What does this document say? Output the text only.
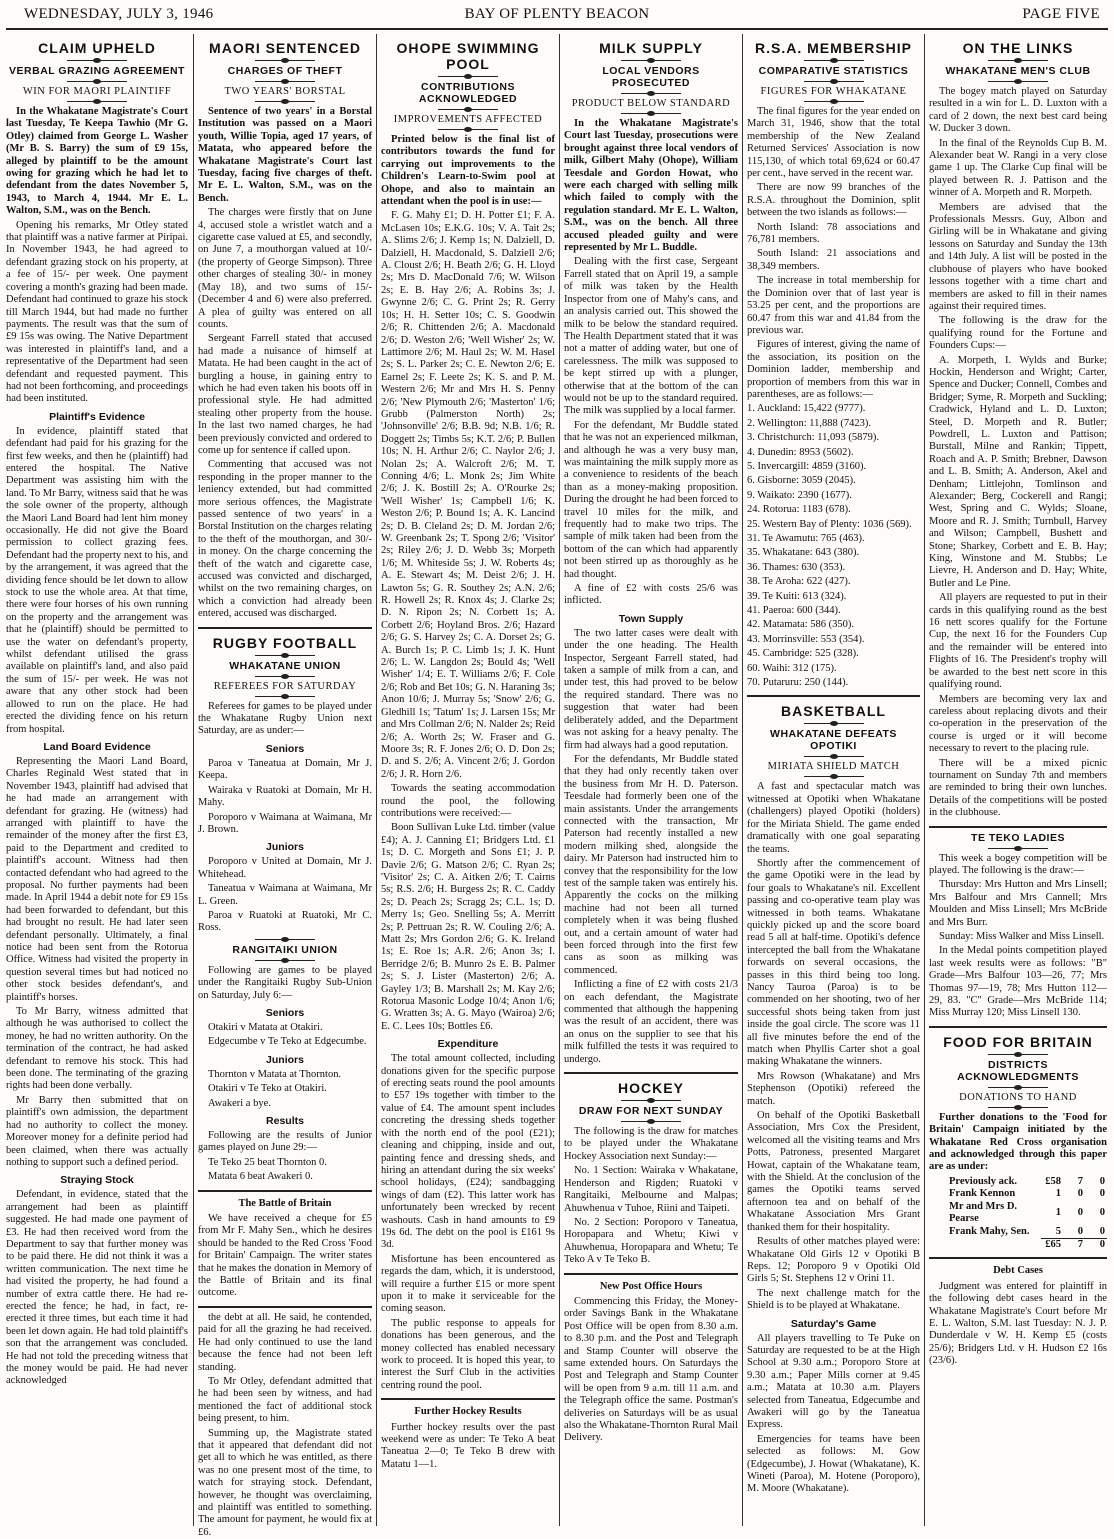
WEDNESDAY, JULY 3, 1946	BAY OF PLENTY BEACON	PAGE FIVE
CLAIM UPHELD
VERBAL GRAZING AGREEMENT
WIN FOR MAORI PLAINTIFF

In the Whakatane Magistrate's Court last Tuesday, Te Keepa Tawhio (Mr G. Otley) claimed from George L. Washer (Mr B. S. Barry) the sum of £9 15s, alleged by plaintiff to be the amount owing for grazing which he had let to defendant from the dates November 5, 1943, to March 4, 1944. Mr E. L. Walton, S.M., was on the Bench.

Opening his remarks, Mr Otley stated that plaintiff was a native farmer at Piripai. In November 1943, he had agreed to defendant grazing stock on his property, at a fee of 15/- per week. One payment covering a month's grazing had been made. Defendant had continued to graze his stock till March 1944, but had made no further payments. The result was that the sum of £9 15s was owing. The Native Department was interested in plaintiff's land, and a representative of the Department had seen defendant and requested payment. This had not been forthcoming, and proceedings had been instituted.

Plaintiff's Evidence

In evidence, plaintiff stated that defendant had paid for his grazing for the first few weeks, and then he (plaintiff) had entered the hospital. The Native Department was assisting him with the land. To Mr Barry, witness said that he was the sole owner of the property, although the Maori Land Board had lent him money occasionally. He did not give the Board permission to collect grazing fees. Defendant had the property next to his, and by the arrangement, it was agreed that the dividing fence should be let down to allow stock to use the whole area. At that time, there were four horses of his own running on the property and the arrangement was that he (plaintiff) should be permitted to use the water on defendant's property, whilst defendant utilised the grass available on plaintiff's land, and also paid the sum of 15/- per week. He was not aware that any other stock had been allowed to run on the place. He had erected the dividing fence on his return from hospital.

Land Board Evidence

Representing the Maori Land Board, Charles Reginald West stated that in November 1943, plaintiff had advised that he had made an arrangement with defendant for grazing. He (witness) had arranged with plaintiff to have the remainder of the money after the first £3, paid to the Department and credited to plaintiff's account. Witness had then contacted defendant who had agreed to the proposal. No further payments had been made. In April 1944 a debit note for £9 15s had been forwarded to defendant, but this had brought no result. He had later seen defendant personally. Ultimately, a final notice had been sent from the Rotorua Office. Witness had visited the property in question several times but had noticed no other stock besides defendant's, and plaintiff's horses.

To Mr Barry, witness admitted that although he was authorised to collect the money, he had no written authority. On the termination of the contract, he had asked defendant to remove his stock. This had been done. The terminating of the grazing rights had been done verbally.

Mr Barry then submitted that on plaintiff's own admission, the department had no authority to collect the money. Moreover money for a definite period had been claimed, when there was actually nothing to support such a defined period.

Straying Stock

Defendant, in evidence, stated that the arrangement had been as plaintiff suggested. He had made one payment of £3. He had then received word from the Department to say that further money was to be paid there. He did not think it was a written communication. The next time he had visited the property, he had found a number of extra cattle there. He had re-erected the fence; he had, in fact, re-erected it three times, but each time it had been let down again. He had told plaintiff's son that the arrangement was concluded. He had not told the preceding witness that the money would be paid. He had never acknowledged

MAORI SENTENCED
CHARGES OF THEFT
TWO YEARS' BORSTAL

Sentence of two years' in a Borstal Institution was passed on a Maori youth, Willie Topia, aged 17 years, of Matata, who appeared before the Whakatane Magistrate's Court last Tuesday, facing five charges of theft. Mr E. L. Walton, S.M., was on the Bench.

The charges were firstly that on June 4, accused stole a wristlet watch and a cigarette case valued at £5, and secondly, on June 7, a mouthorgan valued at 10/- (the property of George Simpson). Three other charges of stealing 30/- in money (May 18), and two sums of 15/- (December 4 and 6) were also preferred. A plea of guilty was entered on all counts.

Sergeant Farrell stated that accused had made a nuisance of himself at Matata. He had been caught in the act of burgling a house, in gaining entry to which he had even taken his boots off in professional style. He had admitted stealing other property from the house. In the last two named charges, he had been previously convicted and ordered to come up for sentence if called upon.

Commenting that accused was not responding in the proper manner to the leniency extended, but had committed more serious offences, the Magistrate passed sentence of two years' in a Borstal Institution on the charges relating to the theft of the mouthorgan, and 30/- in money. On the charge concerning the theft of the watch and cigarette case, accused was convicted and discharged, whilst on the two remaining charges, on which a conviction had already been entered, accused was discharged.

RUGBY FOOTBALL
WHAKATANE UNION
REFEREES FOR SATURDAY

Referees for games to be played under the Whakatane Rugby Union next Saturday, are as under:—

Seniors

Paroa v Taneatua at Domain, Mr J. Keepa.

Wairaka v Ruatoki at Domain, Mr H. Mahy.

Poroporo v Waimana at Waimana, Mr J. Brown.

Juniors

Poroporo v United at Domain, Mr J. Whitehead.

Taneatua v Waimana at Waimana, Mr L. Green.

Paroa v Ruatoki at Ruatoki, Mr C. Ross.

RANGITAIKI UNION

Following are games to be played under the Rangitaiki Rugby Sub-Union on Saturday, July 6:—

Seniors

Otakiri v Matata at Otakiri.

Edgecumbe v Te Teko at Edgecumbe.

Juniors

Thornton v Matata at Thornton.

Otakiri v Te Teko at Otakiri.

Awakeri a bye.

Results

Following are the results of Junior games played on June 29:—

Te Teko 25 beat Thornton 0.

Matata 6 beat Awakeri 0.

The Battle of Britain

We have received a cheque for £5 from Mr F. Mahy Sen., which he desires should be handed to the Red Cross 'Food for Britain' Campaign. The writer states that he makes the donation in Memory of the Battle of Britain and its final outcome.

the debt at all. He said, he contended, paid for all the grazing he had received. He had only continued to use the land because the fence had not been left standing.

To Mr Otley, defendant admitted that he had been seen by witness, and had mentioned the fact of additional stock being present, to him.

Summing up, the Magistrate stated that it appeared that defendant did not get all to which he was entitled, as there was no one present most of the time, to watch for straying stock. Defendant, however, he thought was overclaiming, and plaintiff was entitled to something. The amount for payment, he would fix at £6.

OHOPE SWIMMING POOL
CONTRIBUTIONS ACKNOWLEDGED
IMPROVEMENTS AFFECTED

Printed below is the final list of contributors towards the fund for carrying out improvements to the Children's Learn-to-Swim pool at Ohope, and also to maintain an attendant when the pool is in use:—

F. G. Mahy £1; D. H. Potter £1; F. A. McLasen 10s; E.K.G. 10s; V. A. Tait 2s; A. Slims 2/6; J. Kemp 1s; N. Dalziell, D. Dalziell, H. Macdonald, S. Dalziell 2/6; A. Cloust 2/6; H. Beath 2/6; G. H. Lloyd 2s; Mrs D. MacDonald 7/6; W. Wilson 2s; E. B. Hay 2/6; A. Robins 3s; J. Gwynne 2/6; C. G. Print 2s; R. Gerry 10s; H. H. Setter 10s; C. S. Goodwin 2/6; R. Chittenden 2/6; A. Macdonald 2/6; D. Weston 2/6; 'Well Wisher' 2s; W. Lattimore 2/6; M. Haul 2s; W. M. Hasel 2s; S. L. Parker 2s; C. E. Newton 2/6; E. Earnel 2s; F. Leete 2s; K. S. and P. M. Western 2/6; Mr and Mrs H. S. Penny 2/6; 'New Plymouth 2/6; 'Masterton' 1/6; Grubb (Palmerston North) 2s; 'Johnsonville' 2/6; B.B. 9d; N.B. 1/6; R. Doggett 2s; Timbs 5s; K.T. 2/6; P. Bullen 10s; N. H. Arthur 2/6; C. Naylor 2/6; J. Nolan 2s; A. Walcroft 2/6; M. T. Conning 4/6; L. Monk 2s; Jim White 2/6; J. K. Bostill 2s; A. O'Rourke 2s; 'Well Wisher' 1s; Campbell 1/6; K. Weston 2/6; P. Bound 1s; A. K. Lancind 2s; D. B. Cleland 2s; D. M. Jordan 2/6; W. Greenbank 2s; T. Spong 2/6; 'Visitor' 2s; Riley 2/6; J. D. Webb 3s; Morpeth 1/6; M. Whiteside 5s; J. W. Roberts 4s; A. E. Stewart 4s; M. Deist 2/6; J. H. Lawton 5s; G. R. Southey 2s; A.N. 2/6; R. Howell 2s; R. Knox 4s; J. Clarke 2s; D. N. Ripon 2s; N. Corbett 1s; A. Corbett 2/6; Hoyland Bros. 2/6; Hazard 2/6; G. S. Harvey 2s; C. A. Dorset 2s; G. A. Burch 1s; P. C. Limb 1s; J. K. Hunt 2/6; L. W. Langdon 2s; Bould 4s; 'Well Wisher' 1/4; E. T. Williams 2/6; F. Cole 2/6; Rob and Bet 10s; G. N. Haraning 3s; Anon 10/6; J. Murray 5s; 'Snow' 2/6; G. Gledhill 1s; 'Tatum' 1s; J. Larsen 15s; Mr and Mrs Collman 2/6; N. Nalder 2s; Reid 2/6; A. Worth 2s; W. Fraser and G. Moore 3s; R. F. Jones 2/6; O. D. Don 2s; D. and S. 2/6; A. Vincent 2/6; J. Gordon 2/6; J. R. Horn 2/6.

Towards the seating accommodation round the pool, the following contributions were received:—

Boon Sullivan Luke Ltd. timber (value £4); A. J. Canning £1; Bridgers Ltd. £1 1s; D. C. Morgeth and Sons £1; J. P. Davie 2/6; G. Matson 2/6; C. Ryan 2s; 'Visitor' 2s; C. A. Aitken 2/6; T. Cairns 5s; R.S. 2/6; H. Burgess 2s; R. C. Caddy 2s; D. Peach 2s; Scragg 2s; C.L. 1s; D. Merry 1s; Geo. Snelling 5s; A. Merritt 2s; P. Pettruan 2s; R. W. Couling 2/6; A. Matt 2s; Mrs Gordon 2/6; G. K. Ireland 1s; E. Roe 1s; A.R. 2/6; Anon 3s; I. Berridge 2/6; B. Munro 2s E. B. Palmer 2s; S. J. Lister (Masterton) 2/6; A. Gayley 1/3; B. Marshall 2s; M. Kay 2/6; Rotorua Masonic Lodge 10/4; Anon 1/6; G. Wratten 3s; A. G. Mayo (Wairoa) 2/6; E. C. Lees 10s; Bottles £6.

Expenditure

The total amount collected, including donations given for the specific purpose of erecting seats round the pool amounts to £57 19s together with timber to the value of £4. The amount spent includes concreting the dressing sheds together with the north end of the pool (£21); cleaning and chipping, inside and out, painting fence and dressing sheds, and hiring an attendant during the six weeks' school holidays, (£24); sandbagging wings of dam (£2). This latter work has unfortunately been wrecked by recent washouts. Cash in hand amounts to £9 19s 6d. The debt on the pool is £161 9s 3d.

Misfortune has been encountered as regards the dam, which, it is understood, will require a further £15 or more spent upon it to make it serviceable for the coming season.

The public response to appeals for donations has been generous, and the money collected has enabled necessary work to proceed. It is hoped this year, to interest the Surf Club in the activities centring round the pool.

Further Hockey Results

Further hockey results over the past weekend were as under: Te Teko A beat Taneatua 2—0; Te Teko B drew with Matatu 1—1.

MILK SUPPLY
LOCAL VENDORS PROSECUTED
PRODUCT BELOW STANDARD

In the Whakatane Magistrate's Court last Tuesday, prosecutions were brought against three local vendors of milk, Gilbert Mahy (Ohope), William Teesdale and Gordon Howat, who were each charged with selling milk which failed to comply with the regulation standard. Mr E. L. Walton, S.M., was on the bench. All three accused pleaded guilty and were represented by Mr L. Buddle.

Dealing with the first case, Sergeant Farrell stated that on April 19, a sample of milk was taken by the Health Inspector from one of Mahy's cans, and an analysis carried out. This showed the milk to be below the standard required. The Health Department stated that it was not a matter of adding water, but one of carelessness. The milk was supposed to be kept stirred up with a plunger, otherwise that at the bottom of the can would not be up to the standard required. The milk was supplied by a local farmer.

For the defendant, Mr Buddle stated that he was not an experienced milkman, and although he was a very busy man, was maintaining the milk supply more as a convenience to residents of the beach than as a money-making proposition. During the drought he had been forced to travel 10 miles for the milk, and frequently had to make two trips. The sample of milk taken had been from the bottom of the can which had apparently not been stirred up as thoroughly as he had thought.

A fine of £2 with costs 25/6 was inflicted.

Town Supply

The two latter cases were dealt with under the one heading. The Health Inspector, Sergeant Farrell stated, had taken a sample of milk from a can, and under test, this had proved to be below the required standard. There was no suggestion that water had been deliberately added, and the Department was not asking for a heavy penalty. The firm had always had a good reputation.

For the defendants, Mr Buddle stated that they had only recently taken over the business from Mr H. D. Paterson. Teesdale had formerly been one of the main assistants. Under the arrangements connected with the transaction, Mr Paterson had recently installed a new modern milking shed, alongside the dairy. Mr Paterson had instructed him to convey that the responsibility for the low test of the sample taken was entirely his. Apparently the cocks on the milking machine had not been all turned completely when it was being flushed out, and a certain amount of water had been forced through into the first few cans as soon as milking was commenced.

Inflicting a fine of £2 with costs 21/3 on each defendant, the Magistrate commented that although the happening was the result of an accident, there was an onus on the supplier to see that his milk fulfilled the tests it was required to undergo.

HOCKEY
DRAW FOR NEXT SUNDAY

The following is the draw for matches to be played under the Whakatane Hockey Association next Sunday:—

No. 1 Section: Wairaka v Whakatane, Henderson and Rigden; Ruatoki v Rangitaiki, Melbourne and Malpas; Ahuwhenua v Tuhoe, Riini and Taipeti.

No. 2 Section: Poroporo v Taneatua, Horopapara and Whetu; Kiwi v Ahuwhenua, Horopapara and Whetu; Te Teko A v Te Teko B.

New Post Office Hours

Commencing this Friday, the Money-order Savings Bank in the Whakatane Post Office will be open from 8.30 a.m. to 8.30 p.m. and the Post and Telegraph and Stamp Counter will observe the same extended hours. On Saturdays the Post and Telegraph and Stamp Counter will be open from 9 a.m. till 11 a.m. and the Telegraph office the same. Postman's deliveries on Saturdays will be as usual also the Whakatane-Thornton Rural Mail Delivery.

R.S.A. MEMBERSHIP
COMPARATIVE STATISTICS
FIGURES FOR WHAKATANE

The final figures for the year ended on March 31, 1946, show that the total membership of the New Zealand Returned Services' Association is now 115,130, of which total 69,624 or 60.47 per cent., have served in the recent war.

There are now 99 branches of the R.S.A. throughout the Dominion, split between the two islands as follows:—

North Island: 78 associations and 76,781 members.

South Island: 21 associations and 38,349 members.

The increase in total membership for the Dominion over that of last year is 53.25 per cent, and the proportions are 60.47 from this war and 41.84 from the previous war.

Figures of interest, giving the name of the association, its position on the Dominion ladder, membership and proportion of members from this war in parentheses, are as follows:—

1. Auckland: 15,422 (9777).

2. Wellington: 11,888 (7423).

3. Christchurch: 11,093 (5879).

4. Dunedin: 8953 (5602).

5. Invercargill: 4859 (3160).

6. Gisborne: 3059 (2045).

9. Waikato: 2390 (1677).

24. Rotorua: 1183 (678).

25. Western Bay of Plenty: 1036 (569).

31. Te Awamutu: 765 (463).

35. Whakatane: 643 (380).

36. Thames: 630 (353).

38. Te Aroha: 622 (427).

39. Te Kuiti: 613 (324).

41. Paeroa: 600 (344).

42. Matamata: 586 (350).

43. Morrinsville: 553 (354).

45. Cambridge: 525 (328).

60. Waihi: 312 (175).

70. Putaruru: 250 (144).

BASKETBALL
WHAKATANE DEFEATS OPOTIKI
MIRIATA SHIELD MATCH

A fast and spectacular match was witnessed at Opotiki when Whakatane (challengers) played Opotiki (holders) for the Miriata Shield. The game ended dramatically with one goal separating the teams.

Shortly after the commencement of the game Opotiki were in the lead by four goals to Whakatane's nil. Excellent passing and co-operative team play was witnessed in both teams. Whakatane quickly picked up and the score board read 5 all at half-time. Opotiki's defence intercepted the ball from the Whakatane forwards on several occasions, the passes in this third being too long. Nancy Tauroa (Paroa) is to be commended on her shooting, two of her successful shots being taken from just inside the goal circle. The score was 11 all five minutes before the end of the match when Phyllis Carter shot a goal making Whakatane the winners.

Mrs Rowson (Whakatane) and Mrs Stephenson (Opotiki) refereed the match.

On behalf of the Opotiki Basketball Association, Mrs Cox the President, welcomed all the visiting teams and Mrs Potts, Patroness, presented Margaret Howat, captain of the Whakatane team, with the Shield. At the conclusion of the games the Opotiki teams served afternoon tea and on behalf of the Whakatane Association Mrs Grant thanked them for their hospitality.

Results of other matches played were: Whakatane Old Girls 12 v Opotiki B Reps. 12; Poroporo 9 v Opotiki Old Girls 5; St. Stephens 12 v Orini 11.

The next challenge match for the Shield is to be played at Whakatane.

Saturday's Game

All players travelling to Te Puke on Saturday are requested to be at the High School at 9.30 a.m.; Poroporo Store at 9.30 a.m.; Paper Mills corner at 9.45 a.m.; Matata at 10.30 a.m. Players selected from Taneatua, Edgecumbe and Awakeri will go by the Taneatua Express.

Emergencies for teams have been selected as follows: M. Gow (Edgecumbe), J. Howat (Whakatane), K. Wineti (Paroa), M. Hotene (Poroporo), M. Moore (Whakatane).

ON THE LINKS
WHAKATANE MEN'S CLUB

The bogey match played on Saturday resulted in a win for L. D. Luxton with a card of 2 down, the next best card being W. Ducker 3 down.

In the final of the Reynolds Cup B. M. Alexander beat W. Rangi in a very close game 1 up. The Clarke Cup final will be played between R. J. Pattison and the winner of A. Morpeth and R. Morpeth.

Members are advised that the Professionals Messrs. Guy, Albon and Girling will be in Whakatane and giving lessons on Saturday and Sunday the 13th and 14th July. A list will be posted in the clubhouse of players who have booked lessons together with a time chart and members are asked to fill in their names against their required times.

The following is the draw for the qualifying round for the Fortune and Founders Cups:—

A. Morpeth, I. Wylds and Burke; Hockin, Henderson and Wright; Carter, Spence and Ducker; Connell, Combes and Bridger; Syme, R. Morpeth and Suckling; Cradwick, Hyland and L. D. Luxton; Steel, D. Morpeth and R. Butler; Powdrell, L. Luxton and Pattison; Burstall, Milne and Rankin; Tippett, Roach and A. P. Smith; Brebner, Dawson and L. B. Smith; A. Anderson, Akel and Denham; Littlejohn, Tomlinson and Alexander; Berg, Cockerell and Rangi; West, Spring and C. Wylds; Sloane, Moore and R. J. Smith; Turnbull, Harvey and Wilson; Campbell, Bushett and Stone; Sharkey, Corbett and E. B. Hay; King, Winstone and M. Stubbs; Le Lievre, H. Anderson and D. Hay; White, Butler and Le Pine.

All players are requested to put in their cards in this qualifying round as the best 16 nett scores qualify for the Fortune Cup, the next 16 for the Founders Cup and the remainder will be entered into Flights of 16. The President's trophy will be awarded to the best nett score in this qualifying round.

Members are becoming very lax and careless about replacing divots and their co-operation in the preservation of the course is urged or it will become necessary to revert to the placing rule.

There will be a mixed picnic tournament on Sunday 7th and members are reminded to bring their own lunches. Details of the competitions will be posted in the clubhouse.

TE TEKO LADIES

This week a bogey competition will be played. The following is the draw:—

Thursday: Mrs Hutton and Mrs Linsell; Mrs Balfour and Mrs Cannell; Mrs Moulden and Miss Linsell; Mrs McBride and Mrs Burr.

Sunday: Miss Walker and Miss Linsell.

In the Medal points competition played last week results were as follows: "B" Grade—Mrs Balfour 103—26, 77; Mrs Thomas 97—19, 78; Mrs Hutton 112—29, 83. "C" Grade—Mrs McBride 114; Miss Murray 120; Miss Linsell 130.

FOOD FOR BRITAIN
DISTRICTS ACKNOWLEDGMENTS
DONATIONS TO HAND

Further donations to the 'Food for Britain' Campaign initiated by the Whakatane Red Cross organisation and acknowledged through this paper are as under:

Previously ack.	£58	7	0
Frank Kennon	1	0	0
Mr and Mrs D. Pearse	1	0	0
Frank Mahy, Sen.	5	0	0
	£65	7	0

Debt Cases

Judgment was entered for plaintiff in the following debt cases heard in the Whakatane Magistrate's Court before Mr E. L. Walton, S.M. last Tuesday: N. J. P. Dunderdale v W. H. Kemp £5 (costs 25/6); Bridgers Ltd. v H. Hudson £2 16s (23/6).
